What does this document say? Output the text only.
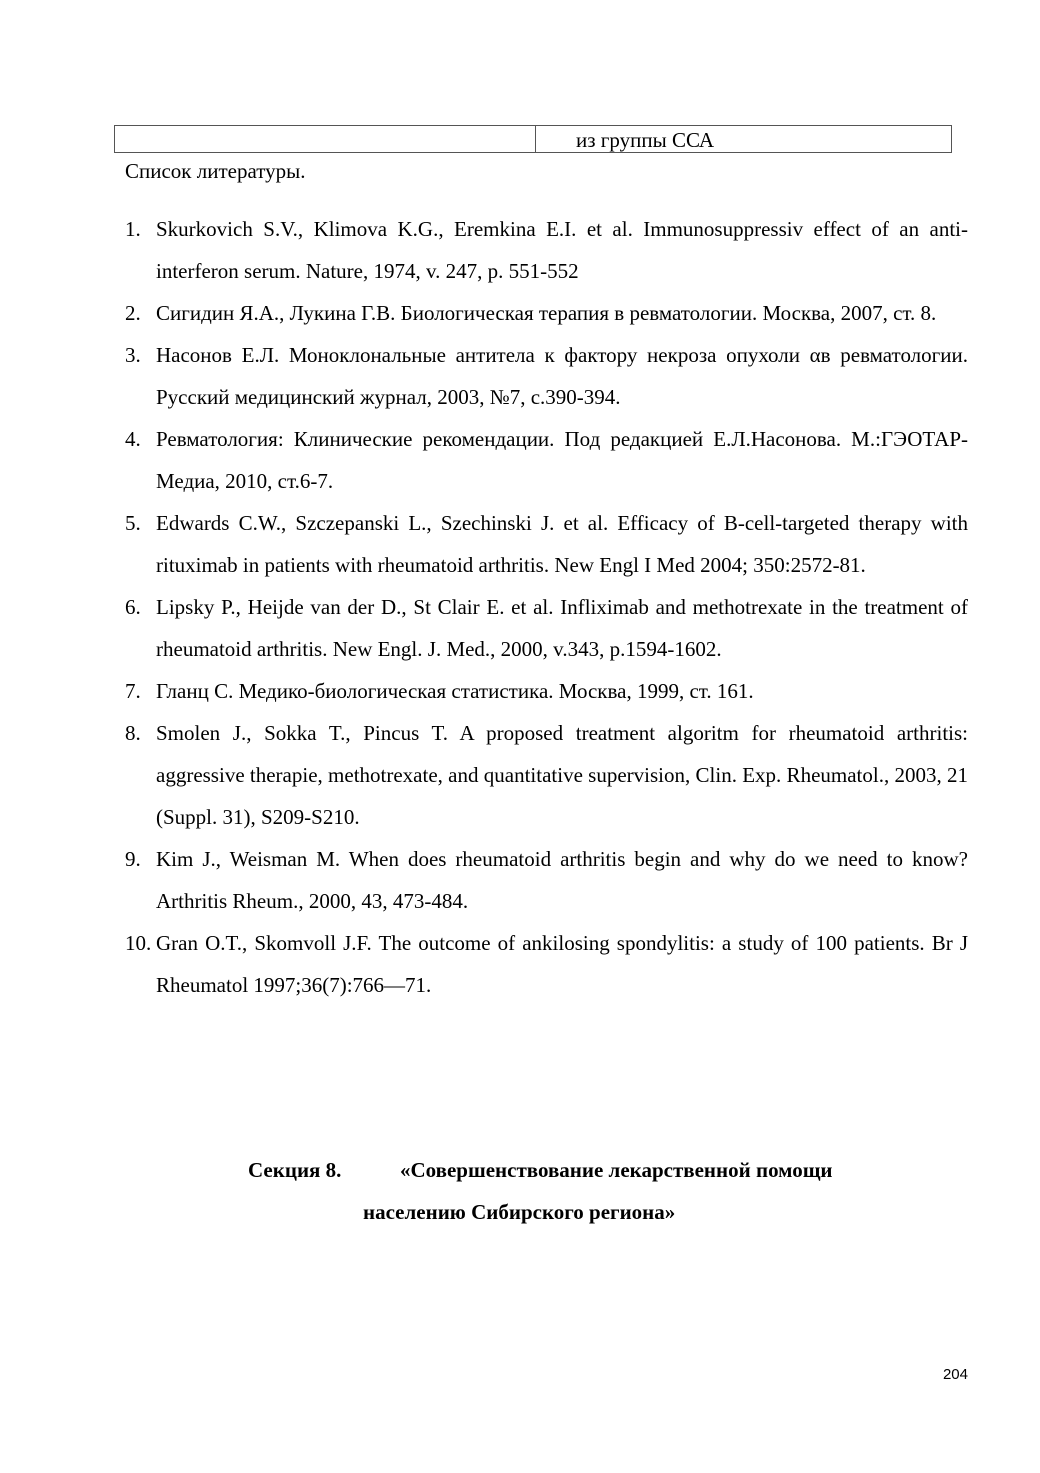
из группы ССА
Список литературы.
1. Skurkovich S.V., Klimova K.G., Eremkina E.I. et al. Immunosuppressiv effect of an anti-interferon serum. Nature, 1974, v. 247, p. 551-552
2. Сигидин Я.А., Лукина Г.В. Биологическая терапия в ревматологии. Москва, 2007, ст. 8.
3. Насонов Е.Л. Моноклональные антитела к фактору некроза опухоли αв ревматологии. Русский медицинский журнал, 2003, №7, с.390-394.
4. Ревматология: Клинические рекомендации. Под редакцией Е.Л.Насонова. М.:ГЭОТАР-Медиа, 2010, ст.6-7.
5. Edwards C.W., Szczepanski L., Szechinski J. et al. Efficacy of B-cell-targeted therapy with rituximab in patients with rheumatoid arthritis. New Engl I Med 2004; 350:2572-81.
6. Lipsky P., Heijde van der D., St Clair E. et al. Infliximab and methotrexate in the treatment of rheumatoid arthritis. New Engl. J. Med., 2000, v.343, p.1594-1602.
7. Гланц С. Медико-биологическая статистика. Москва, 1999, ст. 161.
8. Smolen J., Sokka T., Pincus T. A proposed treatment algoritm for rheumatoid arthritis: aggressive therapie, methotrexate, and quantitative supervision, Clin. Exp. Rheumatol., 2003, 21 (Suppl. 31), S209-S210.
9. Kim J., Weisman M. When does rheumatoid arthritis begin and why do we need to know? Arthritis Rheum., 2000, 43, 473-484.
10. Gran O.T., Skomvoll J.F. The outcome of ankilosing spondylitis: a study of 100 patients. Br J Rheumatol 1997;36(7):766—71.
Секция 8.	«Совершенствование лекарственной помощи
населению Сибирского региона»
204
